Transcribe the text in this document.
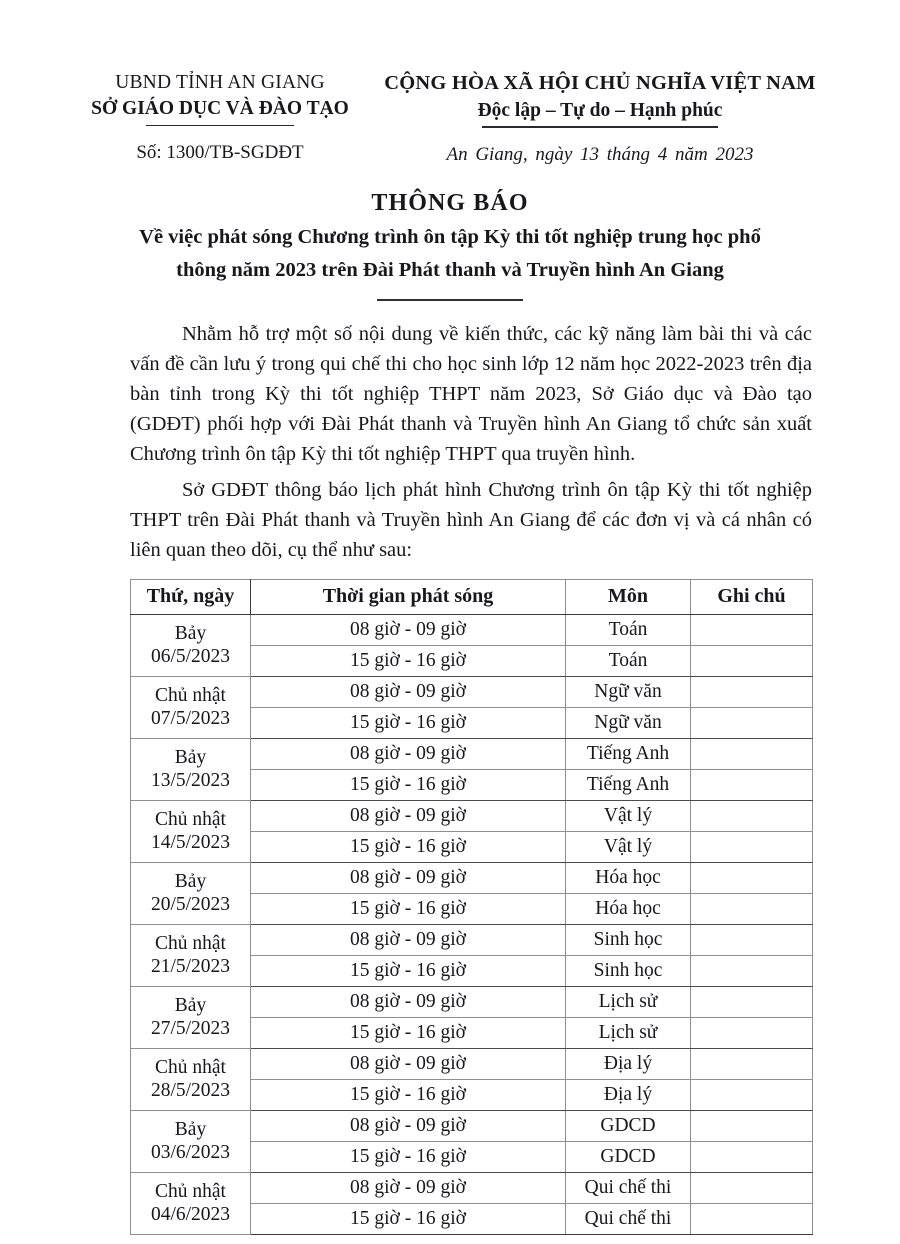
UBND TỈNH AN GIANG
SỞ GIÁO DỤC VÀ ĐÀO TẠO
Số: 1300/TB-SGDĐT
CỘNG HÒA XÃ HỘI CHỦ NGHĨA VIỆT NAM
Độc lập – Tự do – Hạnh phúc
An Giang, ngày 13 tháng 4 năm 2023
THÔNG BÁO
Về việc phát sóng Chương trình ôn tập Kỳ thi tốt nghiệp trung học phổ
thông năm 2023 trên Đài Phát thanh và Truyền hình An Giang

Nhằm hỗ trợ một số nội dung về kiến thức, các kỹ năng làm bài thi và các vấn đề cần lưu ý trong qui chế thi cho học sinh lớp 12 năm học 2022-2023 trên địa bàn tỉnh trong Kỳ thi tốt nghiệp THPT năm 2023, Sở Giáo dục và Đào tạo (GDĐT) phối hợp với Đài Phát thanh và Truyền hình An Giang tổ chức sản xuất Chương trình ôn tập Kỳ thi tốt nghiệp THPT qua truyền hình.

Sở GDĐT thông báo lịch phát hình Chương trình ôn tập Kỳ thi tốt nghiệp THPT trên Đài Phát thanh và Truyền hình An Giang để các đơn vị và cá nhân có liên quan theo dõi, cụ thể như sau:

Thứ, ngày	Thời gian phát sóng	Môn	Ghi chú

Bảy
06/5/2023	08 giờ - 09 giờ	Toán	
	15 giờ - 16 giờ	Toán	

Chủ nhật
07/5/2023	08 giờ - 09 giờ	Ngữ văn	
	15 giờ - 16 giờ	Ngữ văn	

Bảy
13/5/2023	08 giờ - 09 giờ	Tiếng Anh	
	15 giờ - 16 giờ	Tiếng Anh	

Chủ nhật
14/5/2023	08 giờ - 09 giờ	Vật lý	
	15 giờ - 16 giờ	Vật lý	

Bảy
20/5/2023	08 giờ - 09 giờ	Hóa học	
	15 giờ - 16 giờ	Hóa học	

Chủ nhật
21/5/2023	08 giờ - 09 giờ	Sinh học	
	15 giờ - 16 giờ	Sinh học	

Bảy
27/5/2023	08 giờ - 09 giờ	Lịch sử	
	15 giờ - 16 giờ	Lịch sử	

Chủ nhật
28/5/2023	08 giờ - 09 giờ	Địa lý	
	15 giờ - 16 giờ	Địa lý	

Bảy
03/6/2023	08 giờ - 09 giờ	GDCD	
	15 giờ - 16 giờ	GDCD	

Chủ nhật
04/6/2023	08 giờ - 09 giờ	Qui chế thi	
	15 giờ - 16 giờ	Qui chế thi	
